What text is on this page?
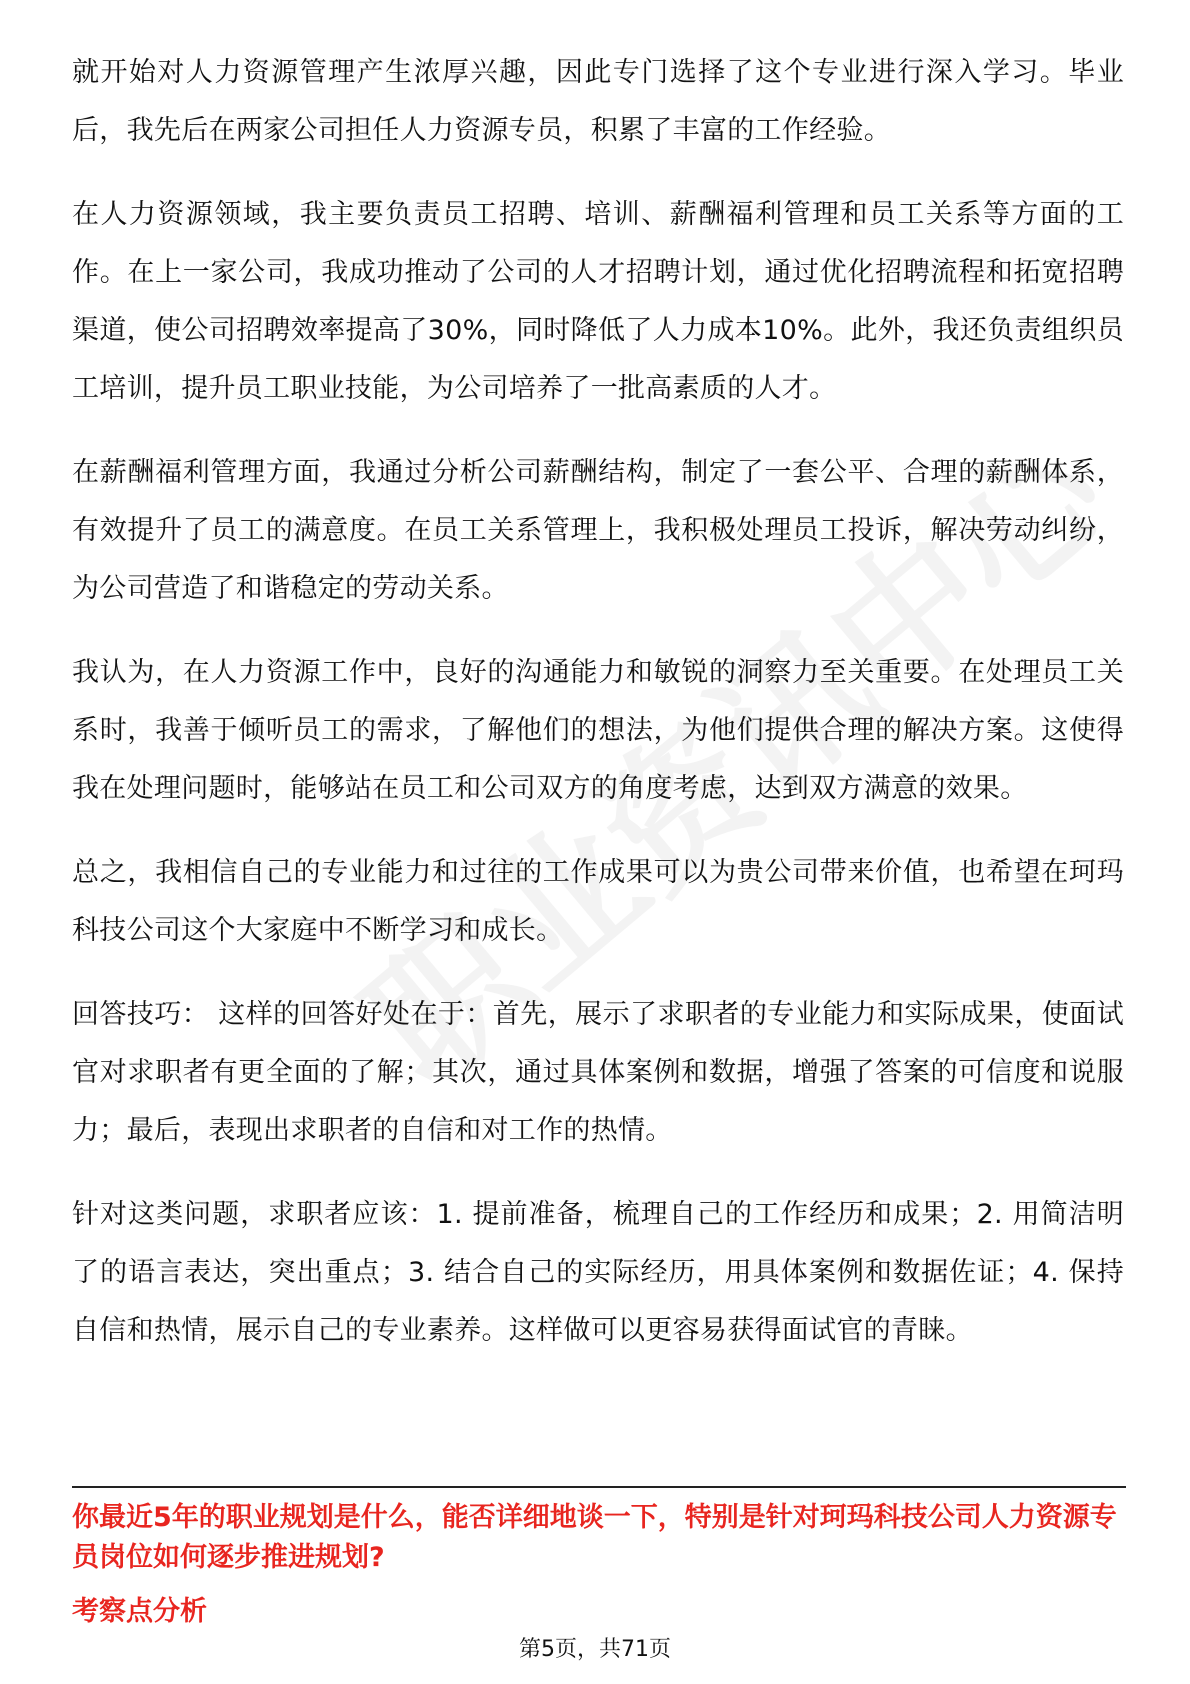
就开始对人力资源管理产生浓厚兴趣，因此专门选择了这个专业进行深入学习。毕业后，我先后在两家公司担任人力资源专员，积累了丰富的工作经验。

在人力资源领域，我主要负责员工招聘、培训、薪酬福利管理和员工关系等方面的工作。在上一家公司，我成功推动了公司的人才招聘计划，通过优化招聘流程和拓宽招聘渠道，使公司招聘效率提高了30%，同时降低了人力成本10%。此外，我还负责组织员工培训，提升员工职业技能，为公司培养了一批高素质的人才。

在薪酬福利管理方面，我通过分析公司薪酬结构，制定了一套公平、合理的薪酬体系，有效提升了员工的满意度。在员工关系管理上，我积极处理员工投诉，解决劳动纠纷，为公司营造了和谐稳定的劳动关系。

我认为，在人力资源工作中，良好的沟通能力和敏锐的洞察力至关重要。在处理员工关系时，我善于倾听员工的需求，了解他们的想法，为他们提供合理的解决方案。这使得我在处理问题时，能够站在员工和公司双方的角度考虑，达到双方满意的效果。

总之，我相信自己的专业能力和过往的工作成果可以为贵公司带来价值，也希望在珂玛科技公司这个大家庭中不断学习和成长。

回答技巧： 这样的回答好处在于：首先，展示了求职者的专业能力和实际成果，使面试官对求职者有更全面的了解；其次，通过具体案例和数据，增强了答案的可信度和说服力；最后，表现出求职者的自信和对工作的热情。

针对这类问题，求职者应该：1. 提前准备，梳理自己的工作经历和成果；2. 用简洁明了的语言表达，突出重点；3. 结合自己的实际经历，用具体案例和数据佐证；4. 保持自信和热情，展示自己的专业素养。这样做可以更容易获得面试官的青睐。

你最近5年的职业规划是什么，能否详细地谈一下，特别是针对珂玛科技公司人力资源专员岗位如何逐步推进规划?

考察点分析

第5页，共71页
